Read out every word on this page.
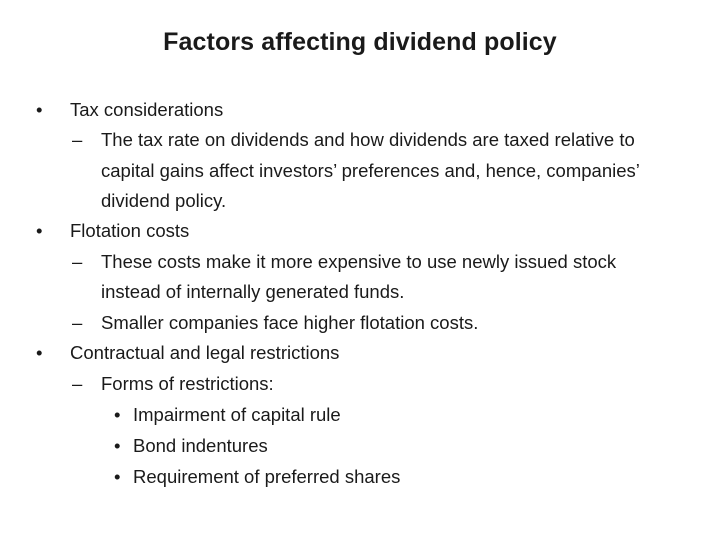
Factors affecting dividend policy
• Tax considerations
– The tax rate on dividends and how dividends are taxed relative to
capital gains affect investors’ preferences and, hence, companies’
dividend policy.
• Flotation costs
– These costs make it more expensive to use newly issued stock
instead of internally generated funds.
– Smaller companies face higher flotation costs.
• Contractual and legal restrictions
– Forms of restrictions:
• Impairment of capital rule
• Bond indentures
• Requirement of preferred shares
